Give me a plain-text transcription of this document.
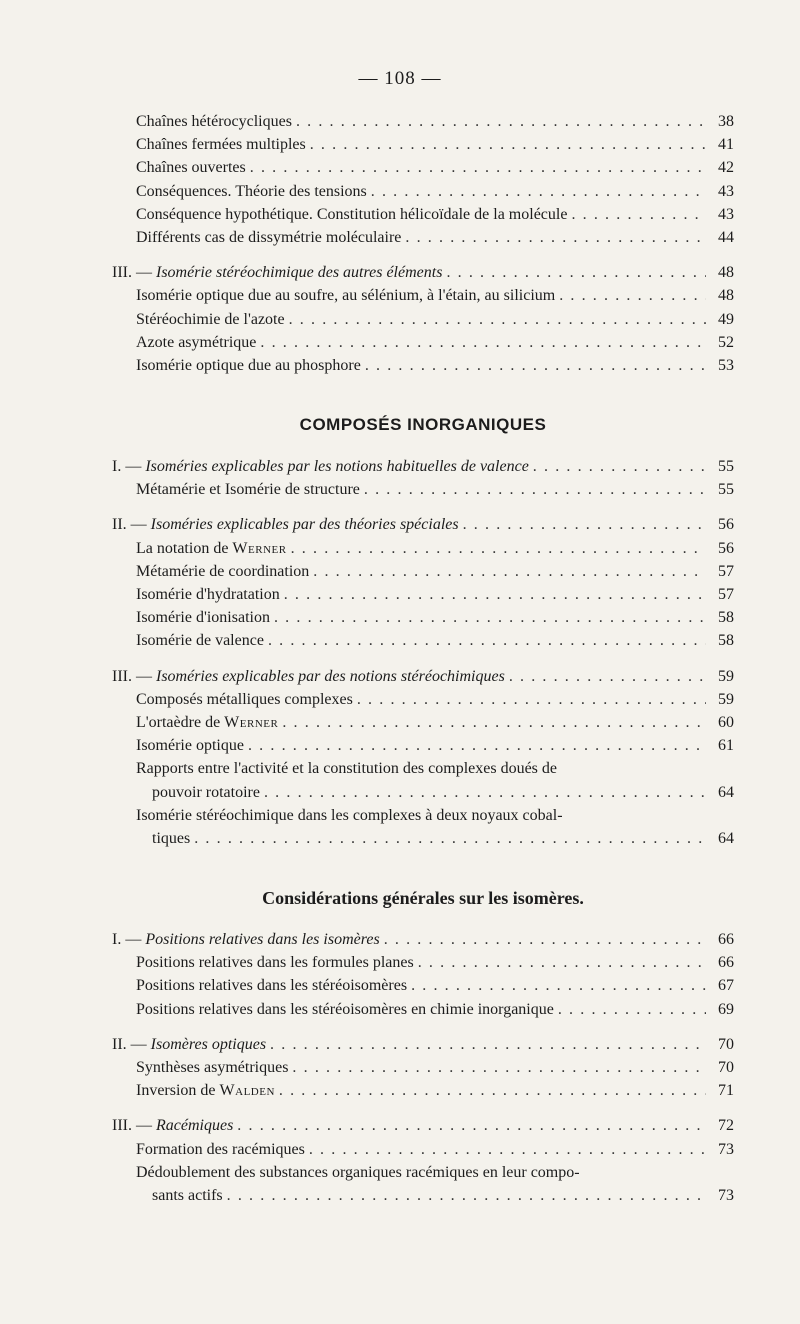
— 108 —
Chaînes hétérocycliques . . .	38
Chaînes fermées multiples . . .	41
Chaînes ouvertes . . .	42
Conséquences. Théorie des tensions . . .	43
Conséquence hypothétique. Constitution hélicoïdale de la molécule . . .	43
Différents cas de dissymétrie moléculaire . . .	44
III. — Isomérie stéréochimique des autres éléments . . .	48
Isomérie optique due au soufre, au sélénium, à l'étain, au silicium . . .	48
Stéréochimie de l'azote . . .	49
Azote asymétrique . . .	52
Isomérie optique due au phosphore . . .	53
COMPOSÉS INORGANIQUES
I. — Isoméries explicables par les notions habituelles de valence . . .	55
Métamérie et Isomérie de structure . . .	55
II. — Isoméries explicables par des théories spéciales . . .	56
La notation de Werner . . .	56
Métamérie de coordination . . .	57
Isomérie d'hydratation . . .	57
Isomérie d'ionisation . . .	58
Isomérie de valence . . .	58
III. — Isoméries explicables par des notions stéréochimiques . . .	59
Composés métalliques complexes . . .	59
L'ortaèdre de Werner . . .	60
Isomérie optique . . .	61
Rapports entre l'activité et la constitution des complexes doués de
pouvoir rotatoire . . .	64
Isomérie stéréochimique dans les complexes à deux noyaux cobal-
tiques . . .	64
Considérations générales sur les isomères.
I. — Positions relatives dans les isomères . . .	66
Positions relatives dans les formules planes . . .	66
Positions relatives dans les stéréoisomères . . .	67
Positions relatives dans les stéréoisomères en chimie inorganique . . .	69
II. — Isomères optiques . . .	70
Synthèses asymétriques . . .	70
Inversion de Walden . . .	71
III. — Racémiques . . .	72
Formation des racémiques . . .	73
Dédoublement des substances organiques racémiques en leur compo-
sants actifs . . .	73
